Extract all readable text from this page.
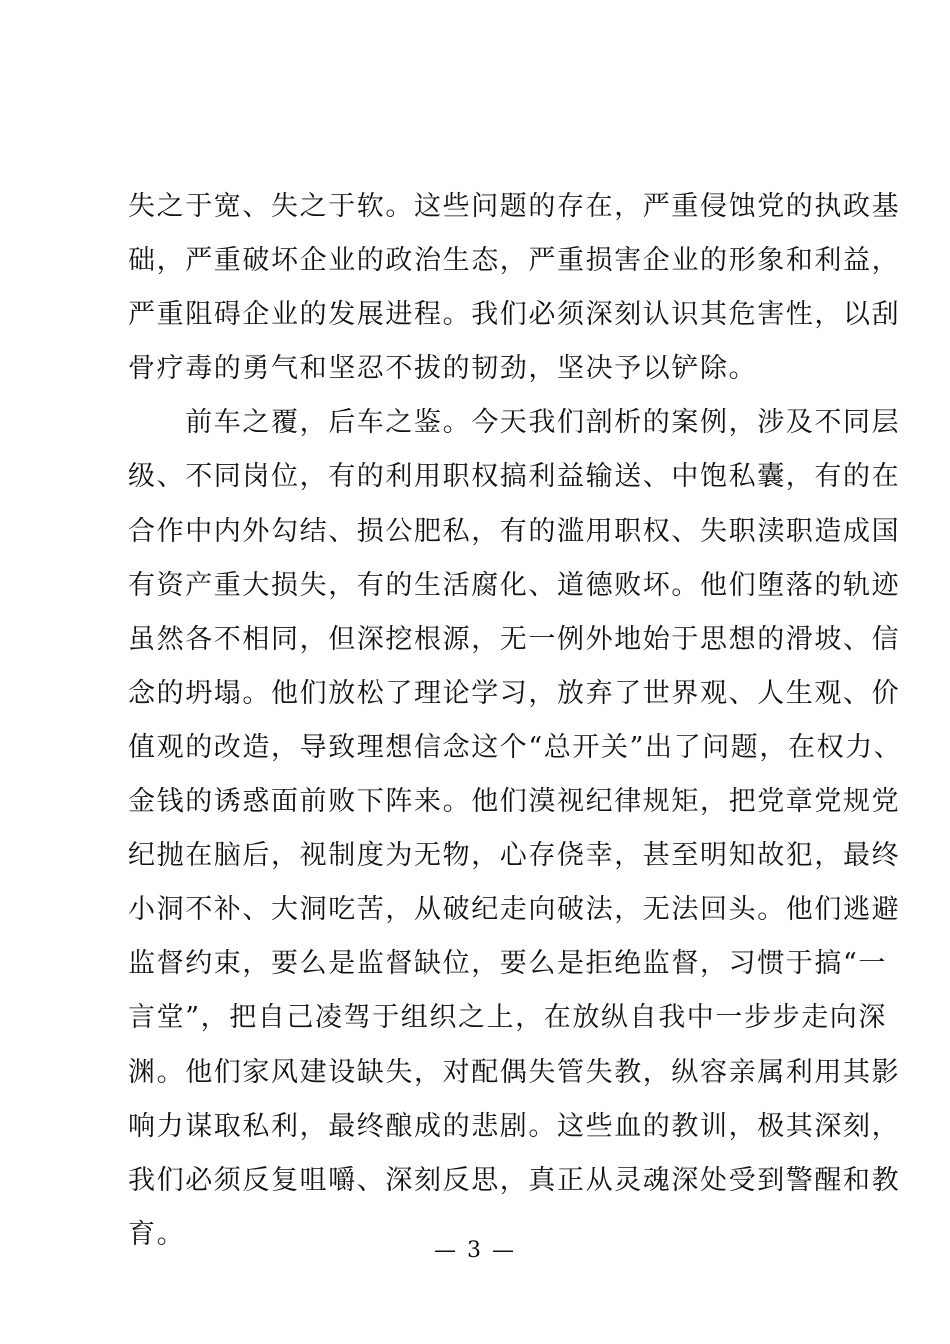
失之于宽、失之于软。这些问题的存在，严重侵蚀党的执政基
础，严重破坏企业的政治生态，严重损害企业的形象和利益，
严重阻碍企业的发展进程。我们必须深刻认识其危害性，以刮
骨疗毒的勇气和坚忍不拔的韧劲，坚决予以铲除。
　　前车之覆，后车之鉴。今天我们剖析的案例，涉及不同层
级、不同岗位，有的利用职权搞利益输送、中饱私囊，有的在
合作中内外勾结、损公肥私，有的滥用职权、失职渎职造成国
有资产重大损失，有的生活腐化、道德败坏。他们堕落的轨迹
虽然各不相同，但深挖根源，无一例外地始于思想的滑坡、信
念的坍塌。他们放松了理论学习，放弃了世界观、人生观、价
值观的改造，导致理想信念这个“总开关”出了问题，在权力、
金钱的诱惑面前败下阵来。他们漠视纪律规矩，把党章党规党
纪抛在脑后，视制度为无物，心存侥幸，甚至明知故犯，最终
小洞不补、大洞吃苦，从破纪走向破法，无法回头。他们逃避
监督约束，要么是监督缺位，要么是拒绝监督，习惯于搞“一
言堂”，把自己凌驾于组织之上，在放纵自我中一步步走向深
渊。他们家风建设缺失，对配偶失管失教，纵容亲属利用其影
响力谋取私利，最终酿成的悲剧。这些血的教训，极其深刻，
我们必须反复咀嚼、深刻反思，真正从灵魂深处受到警醒和教
育。
— 3 —
